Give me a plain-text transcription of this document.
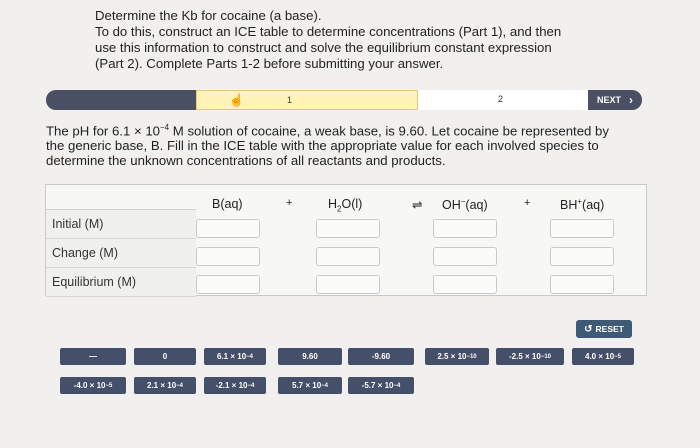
Determine the Kb for cocaine (a base).
To do this, construct an ICE table to determine concentrations (Part 1), and then
use this information to construct and solve the equilibrium constant expression
(Part 2). Complete Parts 1-2 before submitting your answer.
☝	1	2	NEXT ›
The pH for $6.1 \times 10^{-4}$ M solution of cocaine, a weak base, is 9.60. Let cocaine be represented by
the generic base, B. Fill in the ICE table with the appropriate value for each involved species to
determine the unknown concentrations of all reactants and products.
B(aq)	+	$H_2O(l)$	⇌ OH−(aq)	+ BH+(aq)
Initial (M)
Change (M)
Equilibrium (M)
↺ RESET
—	0	6.1 × 10 −4	9.60	-9.60	2.5 × 10 −10	-2.5 × 10 −10	4.0 × 10 −5
-4.0 × 10 −5	2.1 × 10 −4	-2.1 × 10 −4	5.7 × 10 −4	-5.7 × 10 −4
